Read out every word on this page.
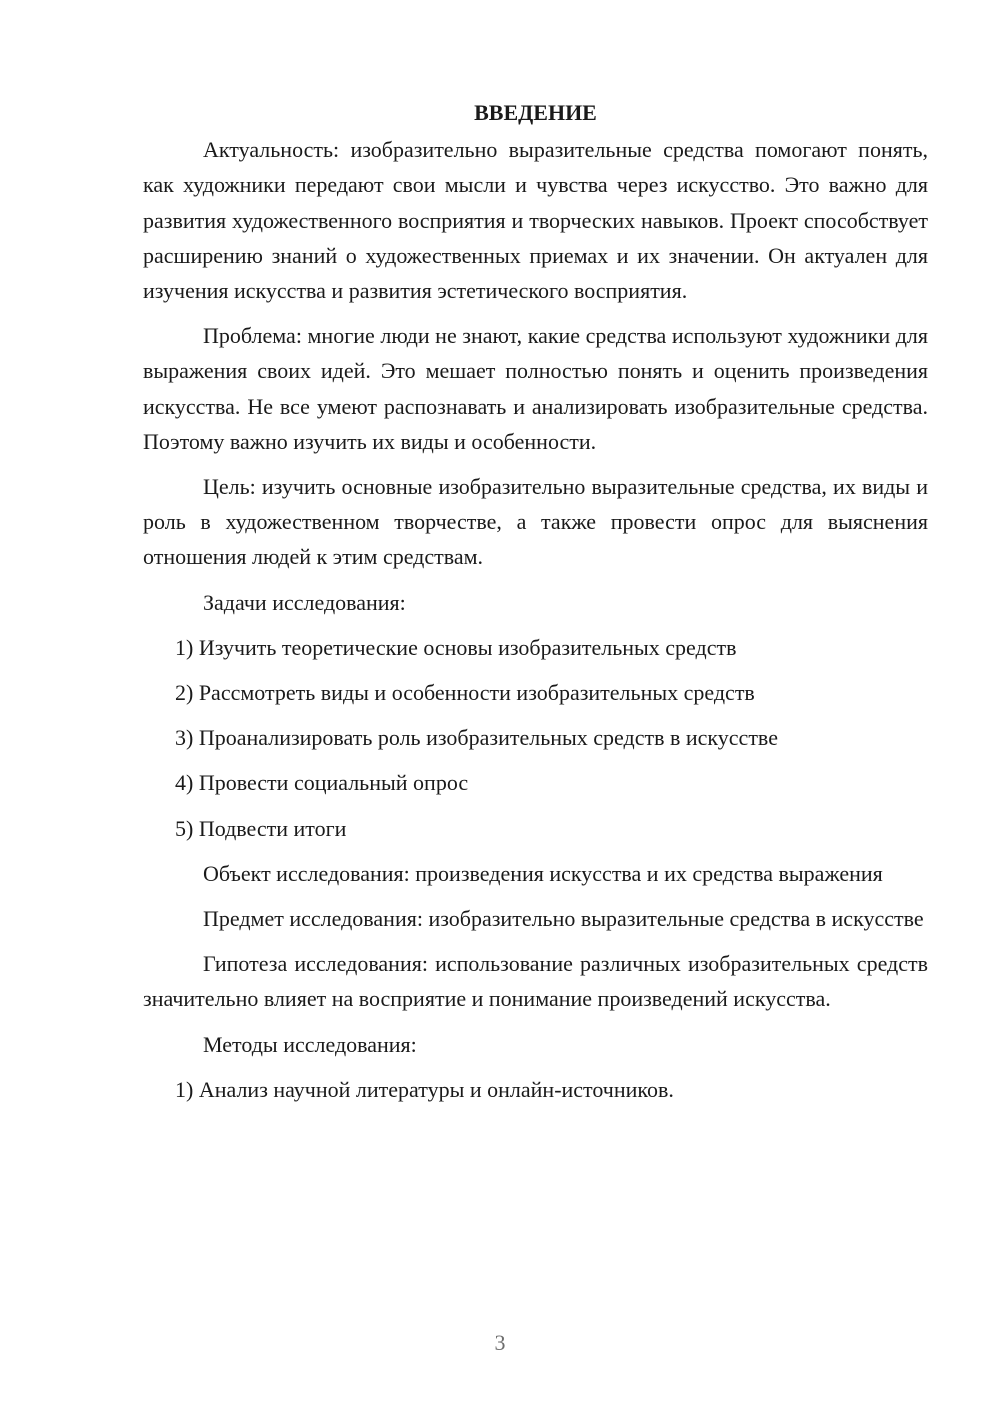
ВВЕДЕНИЕ

Актуальность: изобразительно выразительные средства помогают понять, как художники передают свои мысли и чувства через искусство. Это важно для развития художественного восприятия и творческих навыков. Проект способствует расширению знаний о художественных приемах и их значении. Он актуален для изучения искусства и развития эстетического восприятия.

Проблема: многие люди не знают, какие средства используют художники для выражения своих идей. Это мешает полностью понять и оценить произведения искусства. Не все умеют распознавать и анализировать изобразительные средства. Поэтому важно изучить их виды и особенности.

Цель: изучить основные изобразительно выразительные средства, их виды и роль в художественном творчестве, а также провести опрос для выяснения отношения людей к этим средствам.

Задачи исследования:

1) Изучить теоретические основы изобразительных средств

2) Рассмотреть виды и особенности изобразительных средств

3) Проанализировать роль изобразительных средств в искусстве

4) Провести социальный опрос

5) Подвести итоги

Объект исследования: произведения искусства и их средства выражения

Предмет исследования: изобразительно выразительные средства в искусстве

Гипотеза исследования: использование различных изобразительных средств значительно влияет на восприятие и понимание произведений искусства.

Методы исследования:

1) Анализ научной литературы и онлайн-источников.

3
